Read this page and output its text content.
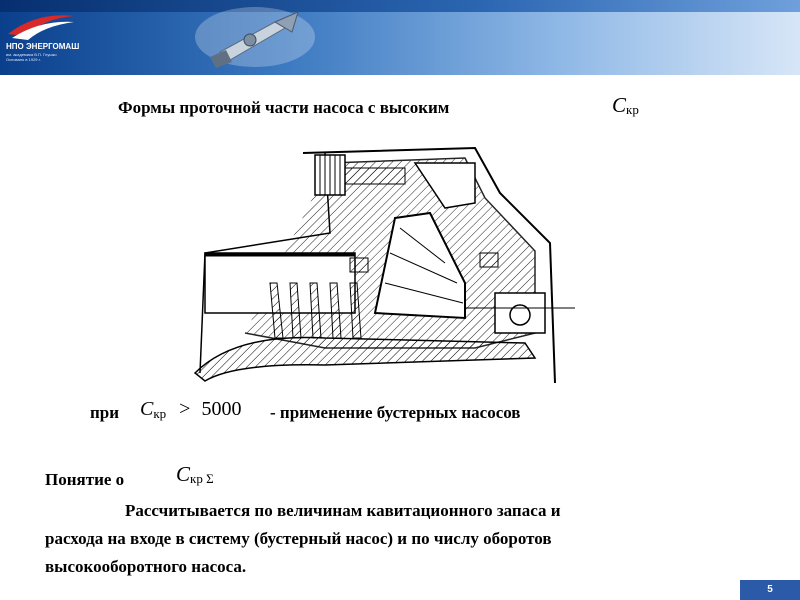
НПО ЭНЕРГОМАШ
им. академика В.П. Глушко
Основано в 1929 г.
Формы проточной части насоса с высоким	Cкр
при Cкр > 5000 - применение бустерных насосов
Понятие о Cкр Σ

Рассчитывается по величинам кавитационного запаса и

расхода на входе в систему (бустерный насос) и по числу оборотов

высокооборотного насоса.

5
